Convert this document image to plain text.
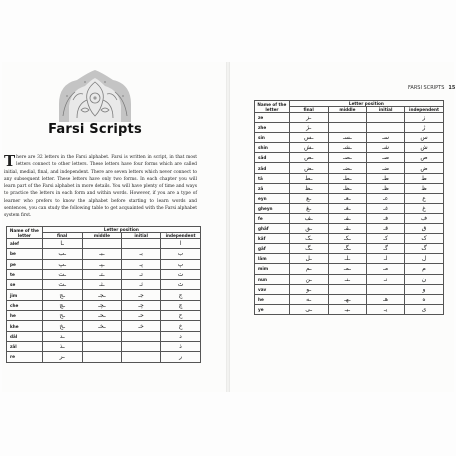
FARSI SCRIPTS 15
Farsi Scripts
There are 32 letters in the Farsi alphabet. Farsi is written in script, in that most letters connect to other letters. These letters have four forms which are called initial, medial, final, and independent. There are seven letters which never connect to any subsequent letter. These letters have only two forms. In each chapter you will learn part of the Farsi alphabet in more details. You will have plenty of time and ways to practice the letters in each form and within words. However, if you are a type of learner who prefers to know the alphabet before starting to learn words and sentences, you can study the following table to get acquainted with the Farsi alphabet system first.
Name of the letter	Letter position			
	final	middle	initial	independent
alef	ـا			ا
be	ـب	ـبـ	بـ	ب
pe	ـپ	ـپـ	پـ	پ
te	ـت	ـتـ	تـ	ت
se	ـث	ـثـ	ثـ	ث
jim	ـج	ـجـ	جـ	ج
che	ـچ	ـچـ	چـ	چ
he	ـح	ـحـ	حـ	ح
khe	ـخ	ـخـ	خـ	خ
dāl	ـد			د
zāl	ـذ			ذ
re	ـر			ر
Name of the letter	Letter position			
	final	middle	initial	independent
ze	ـز			ز
zhe	ـژ			ژ
sin	ـس	ـسـ	سـ	س
shin	ـش	ـشـ	شـ	ش
sād	ـص	ـصـ	صـ	ص
zād	ـض	ـضـ	ضـ	ض
tā	ـط	ـطـ	طـ	ط
zā	ـظ	ـظـ	ظـ	ظ
eyn	ـع	ـعـ	عـ	ع
gheyn	ـغ	ـغـ	غـ	غ
fe	ـف	ـفـ	فـ	ف
ghāf	ـق	ـقـ	قـ	ق
kāf	ـک	ـکـ	کـ	ک
gāf	ـگ	ـگـ	گـ	گ
lām	ـل	ـلـ	لـ	ل
mim	ـم	ـمـ	مـ	م
nun	ـن	ـنـ	نـ	ن
vav	ـو			و
he	ـه	ـهـ	هـ	ه
ye	ـی	ـیـ	یـ	ی
